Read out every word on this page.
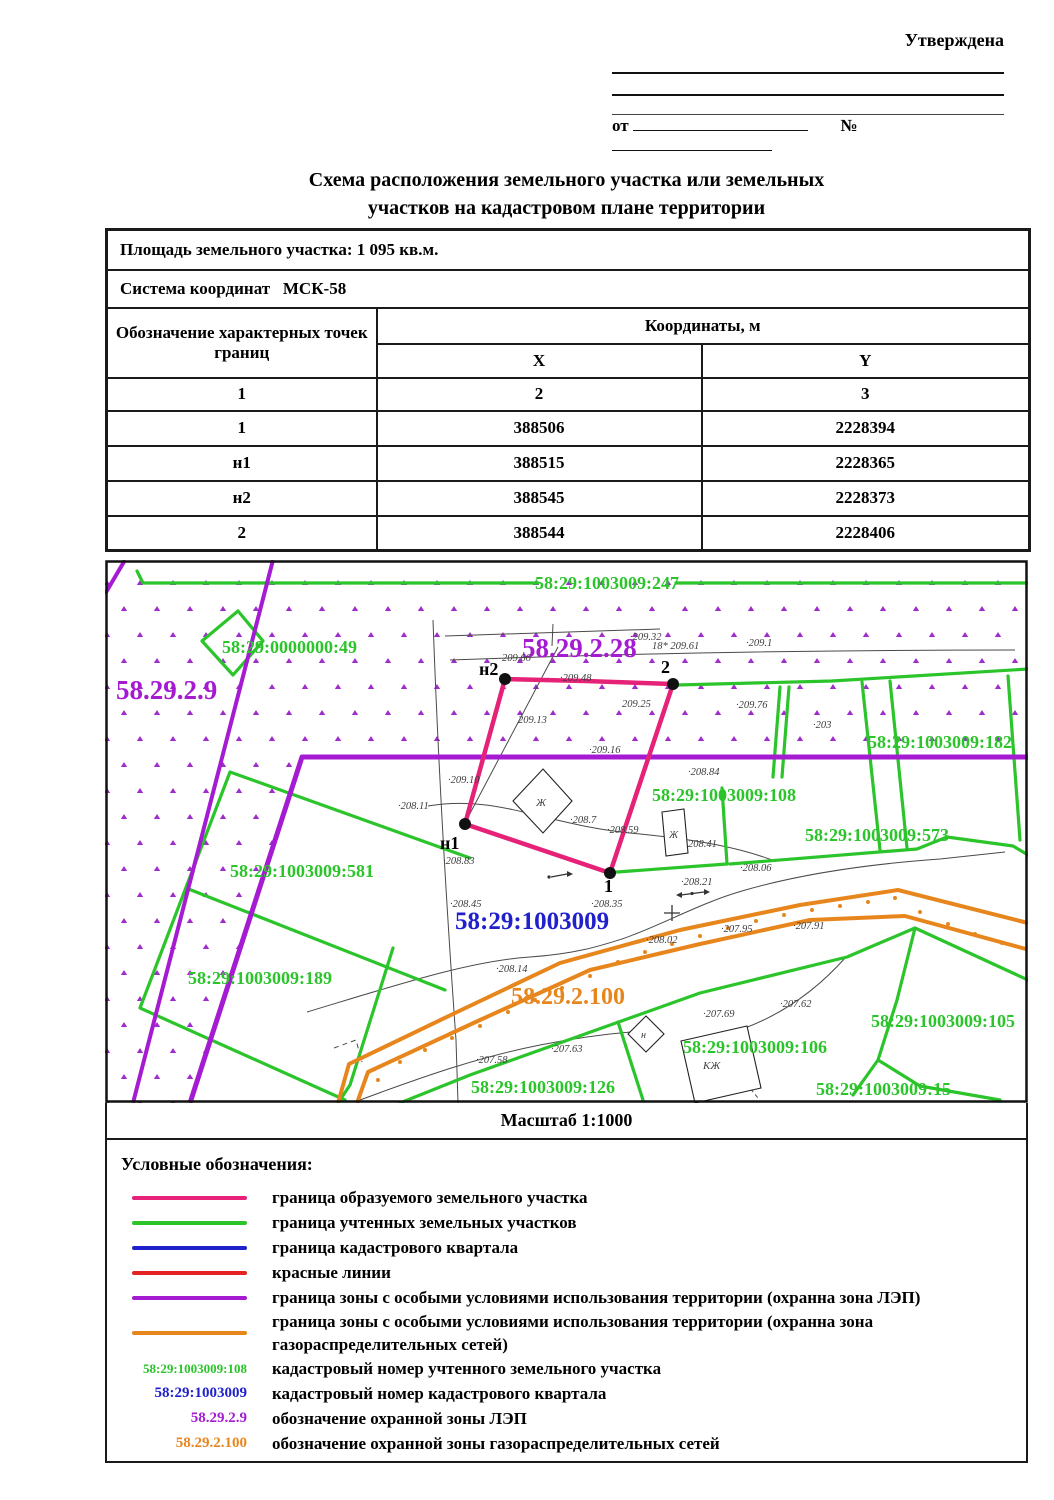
Утверждена
от	№
Схема расположения земельного участка или земельных
участков на кадастровом плане территории
Площадь земельного участка: 1 095 кв.м.		
Система координат МСК-58		
Обозначение характерных точек границ	Координаты, м	
	X	Y
1	2	3
1	388506	2228394
н1	388515	2228365
н2	388545	2228373
2	388544	2228406
58:29:1003009:247
58:29:0000000:49
58.29.2.9
58.29.2.28
58:29:1003009:182
58:29:1003009:108
58:29:1003009:573
58:29:1003009:581
58:29:1003009:189
58:29:1003009
58.29.2.100
58:29:1003009:126
58:29:1003009:106
58:29:1003009:105
58:29:1003009:15
н2	2
н1
1
Ж
Ж
н
КЖ
·209.32
18* 209.61	·209.1
209.66
·209.48
209.25	·209.76
·203
209.13
·209.16
·209.10
·208.11
·208.84
·208.7
·208.59
208.41
·208.83
·208.06
·208.21
·208.35
·208.45
·208.02
·207.95	·207.91
·208.14
·207.58
·207.63
·207.69
·207.62
Масштаб 1:1000
Условные обозначения:
граница образуемого земельного участка
граница учтенных земельных участков
граница кадастрового квартала
красные линии
граница зоны с особыми условиями использования территории (охранна зона ЛЭП)
граница зоны с особыми условиями использования территории (охранна зона газораспределительных сетей)
58:29:1003009:108 кадастровый номер учтенного земельного участка
58:29:1003009 кадастровый номер кадастрового квартала
58.29.2.9 обозначение охранной зоны ЛЭП
58.29.2.100 обозначение охранной зоны газораспределительных сетей
